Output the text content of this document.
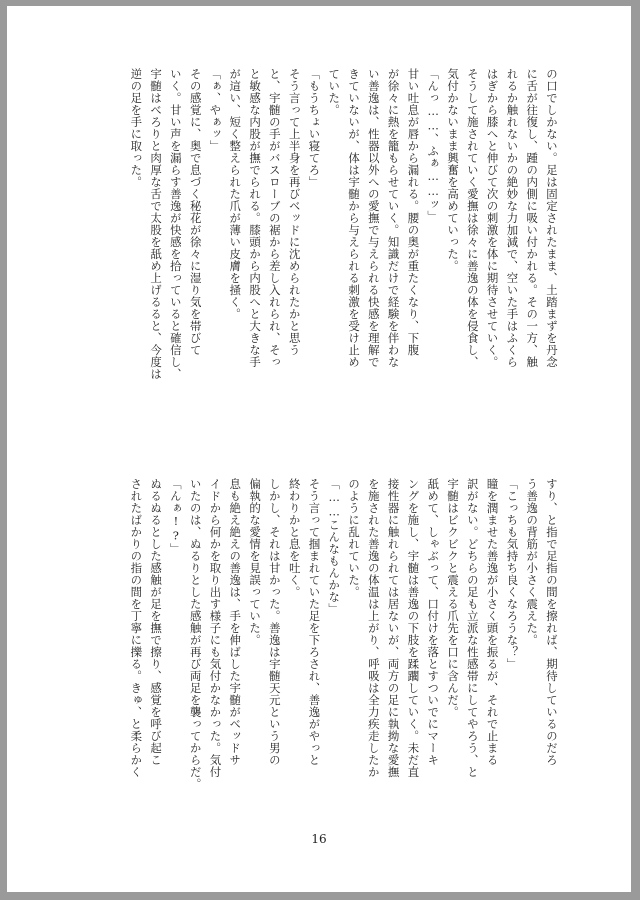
の口でしかない。足は固定されたまま、土踏まずを丹念

に舌が往復し、踵の内側に吸い付かれる。その一方、触

れるか触れないかの絶妙な力加減で、空いた手はふくら

はぎから膝へと伸びて次の刺激を体に期待させていく。

そうして施されていく愛撫は徐々に善逸の体を侵食し、

気付かないまま興奮を高めていった。

「んっ……、ふぁ……ッ」

甘い吐息が唇から漏れる。腰の奥が重たくなり、下腹

が徐々に熱を籠もらせていく。知識だけで経験を伴わな

い善逸は、性器以外への愛撫で与えられる快感を理解で

きていないが、体は宇髄から与えられる刺激を受け止め

ていた。

「もうちょい寝てろ」

そう言って上半身を再びベッドに沈められたかと思う

と、宇髄の手がバスローブの裾から差し入れられ、そっ

と敏感な内股が撫でられる。膝頭から内股へと大きな手

が這い、短く整えられた爪が薄い皮膚を掻く。

「ぁ、やぁッ」

その感覚に、奥で息づく秘花が徐々に湿り気を帯びて

いく。甘い声を漏らす善逸が快感を拾っていると確信し、

宇髄はべろりと肉厚な舌で太股を舐め上げるると、今度は

逆の足を手に取った。

すり、と指で足指の間を擦れば、期待しているのだろ

う善逸の背筋が小さく震えた。

「こっちも気持ち良くなろうな？」

瞳を潤ませた善逸が小さく頭を振るが、それで止まる

訳がない。どちらの足も立派な性感帯にしてやろう、と

宇髄はビクビクと震える爪先を口に含んだ。

舐めて、しゃぶって、口付けを落とすついでにマーキ

ングを施し、宇髄は善逸の下肢を蹂躙していく。未だ直

接性器に触れられては居ないが、両方の足に執拗な愛撫

を施された善逸の体温は上がり、呼吸は全力疾走したか

のように乱れていた。

「……こんなもんかな」

そう言って掴まれていた足を下ろされ、善逸がやっと

終わりかと息を吐く。

しかし、それは甘かった。善逸は宇髄天元という男の

偏執的な愛情を見誤っていた。

息も絶え絶えの善逸は、手を伸ばした宇髄がベッドサ

イドから何かを取り出す様子にも気付かなかった。気付

いたのは、ぬるりとした感触が再び両足を襲ってからだ。

「んぁ!?」

ぬるぬるとした感触が足を撫で擦り、感覚を呼び起こ

されたばかりの指の間を丁寧に擽る。きゅ、と柔らかく

16
